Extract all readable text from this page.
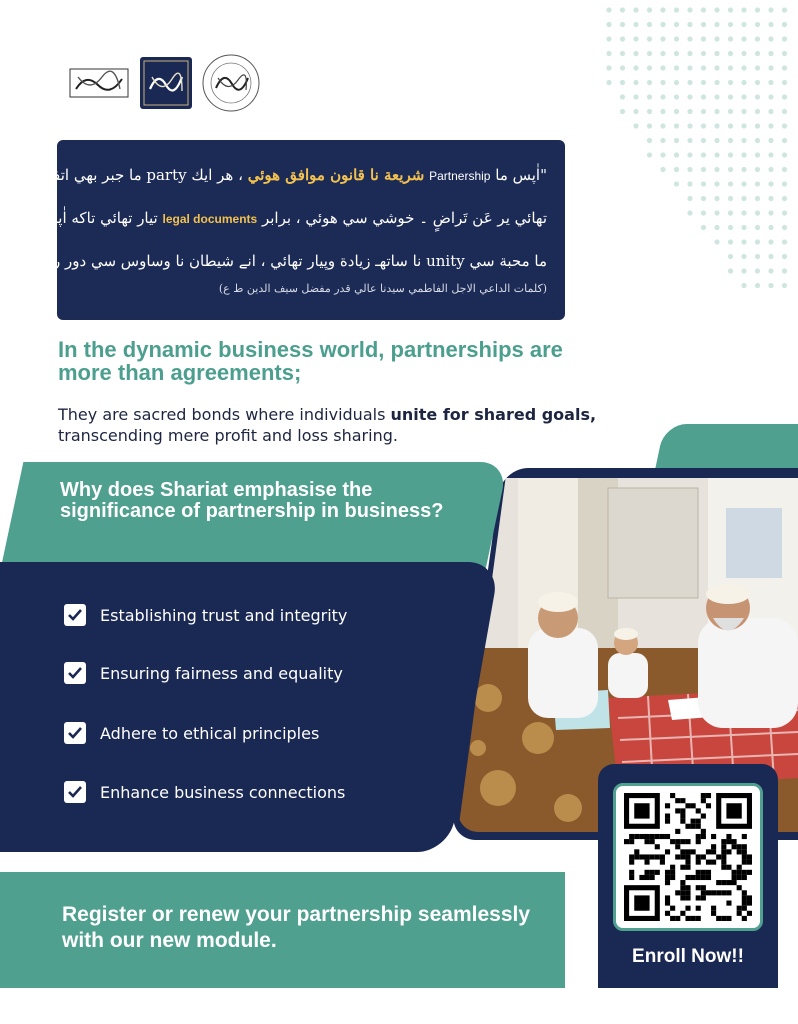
"اٰپس ما Partnership شريعة نا قانون موافق هوئي ، هر ايك party ما جبر بهي اتفاق
تهائي ير عَن تَراضٍ ۔ خوشي سي هوئي ، برابر legal documents تيار تهائي تاكه اٰپس
ما محبة سي unity نا ساتهـ زيادة وپيار تهائي ، انے شيطان نا وساوس سي دور رهے."
(كلمات الداعي الاجل الفاطمي سيدنا عالي قدر مفضل سيف الدين ط ع)
In the dynamic business world, partnerships are more than agreements;
They are sacred bonds where individuals unite for shared goals, transcending mere profit and loss sharing.
Why does Shariat emphasise the significance of partnership in business?
Establishing trust and integrity
Ensuring fairness and equality
Adhere to ethical principles
Enhance business connections
Register or renew your partnership seamlessly with our new module.
Enroll Now!!
